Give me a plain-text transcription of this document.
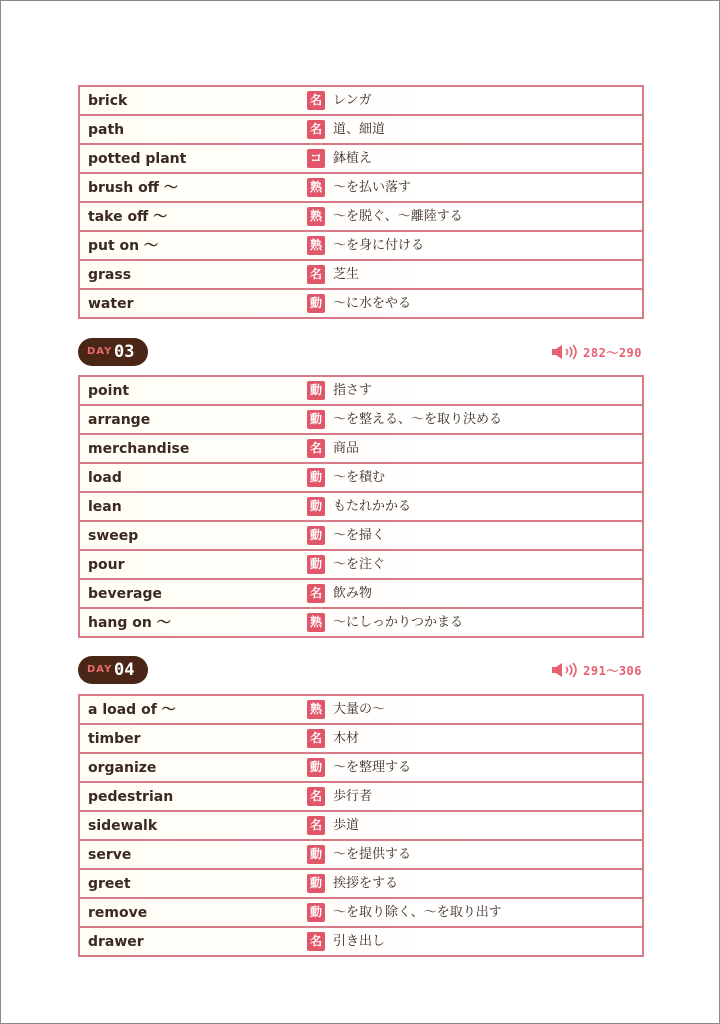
brick	名 レンガ
path	名 道、細道
potted plant	コ 鉢植え
brush off 〜	熟 〜を払い落す
take off 〜	熟 〜を脱ぐ、〜離陸する
put on 〜	熟 〜を身に付ける
grass	名 芝生
water	動 〜に水をやる
DAY 03	282〜290
point	動 指さす
arrange	動 〜を整える、〜を取り決める
merchandise	名 商品
load	動 〜を積む
lean	動 もたれかかる
sweep	動 〜を掃く
pour	動 〜を注ぐ
beverage	名 飲み物
hang on 〜	熟 〜にしっかりつかまる
DAY 04	291〜306
a load of 〜	熟 大量の〜
timber	名 木材
organize	動 〜を整理する
pedestrian	名 歩行者
sidewalk	名 歩道
serve	動 〜を提供する
greet	動 挨拶をする
remove	動 〜を取り除く、〜を取り出す
drawer	名 引き出し
